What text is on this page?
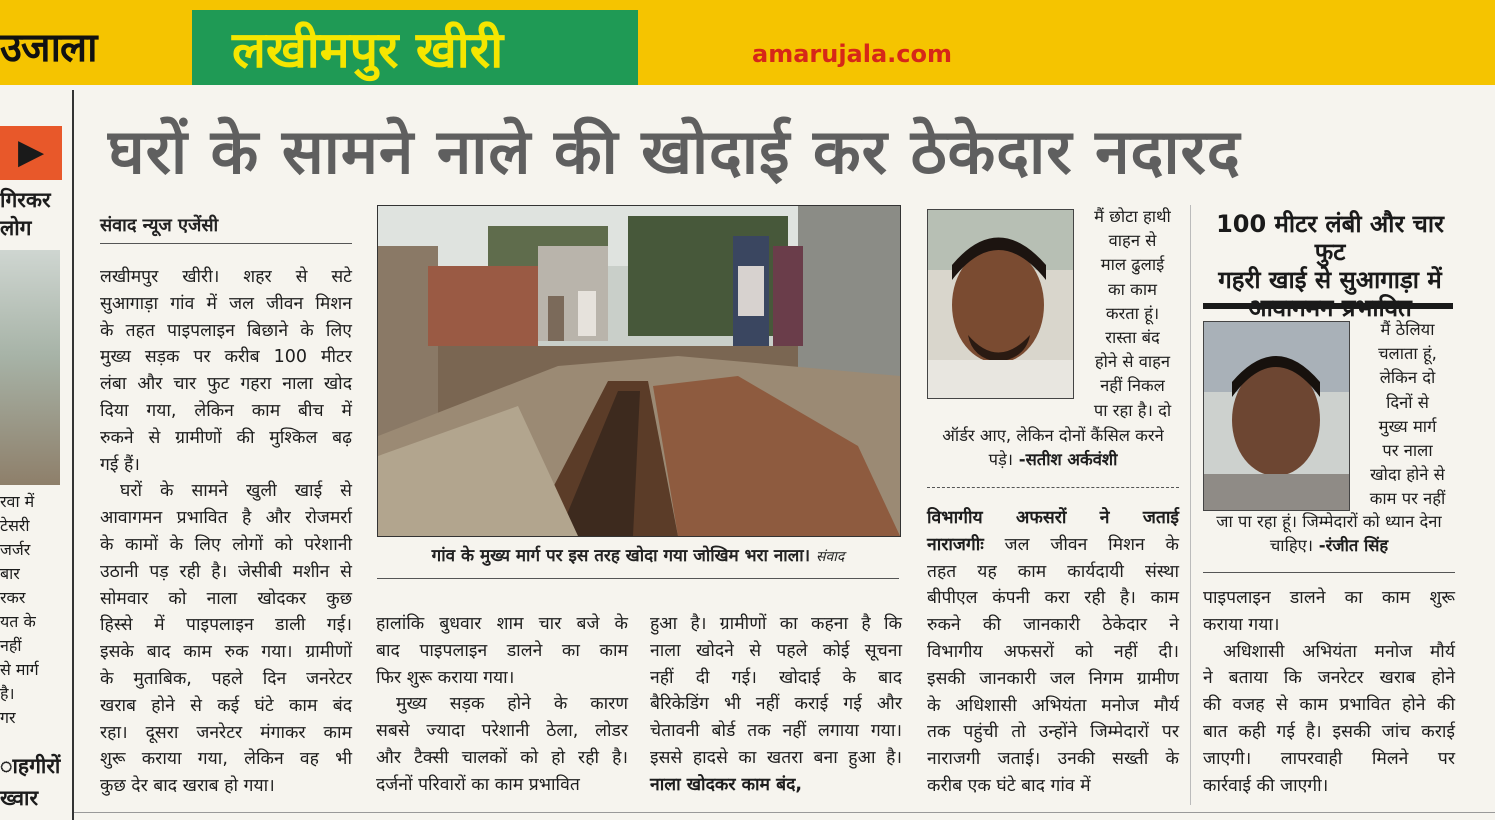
उजाला	लखीमपुर खीरी	amarujala.com
▶
गिरकर
लोग
रवा में
टेसरी
जर्जर
बार
रकर
यत के
नहीं
से मार्ग
है।
गर
ाहगीरों
ख्वार
घरों के सामने नाले की खोदाई कर ठेकेदार नदारद
संवाद न्यूज एजेंसी
लखीमपुर खीरी। शहर से सटे
सुआगाड़ा गांव में जल जीवन मिशन
के तहत पाइपलाइन बिछाने के लिए
मुख्य सड़क पर करीब 100 मीटर
लंबा और चार फुट गहरा नाला खोद
दिया गया, लेकिन काम बीच में
रुकने से ग्रामीणों की मुश्किल बढ़
गई हैं।
घरों के सामने खुली खाई से
आवागमन प्रभावित है और रोजमर्रा
के कामों के लिए लोगों को परेशानी
उठानी पड़ रही है। जेसीबी मशीन से
सोमवार को नाला खोदकर कुछ
हिस्से में पाइपलाइन डाली गई।
इसके बाद काम रुक गया। ग्रामीणों
के मुताबिक, पहले दिन जनरेटर
खराब होने से कई घंटे काम बंद
रहा। दूसरा जनरेटर मंगाकर काम
शुरू कराया गया, लेकिन वह भी
कुछ देर बाद खराब हो गया।
गांव के मुख्य मार्ग पर इस तरह खोदा गया जोखिम भरा नाला। संवाद
हालांकि बुधवार शाम चार बजे के
बाद पाइपलाइन डालने का काम
फिर शुरू कराया गया।
मुख्य सड़क होने के कारण
सबसे ज्यादा परेशानी ठेला, लोडर
और टैक्सी चालकों को हो रही है।
दर्जनों परिवारों का काम प्रभावित
हुआ है। ग्रामीणों का कहना है कि
नाला खोदने से पहले कोई सूचना
नहीं दी गई। खोदाई के बाद
बैरिकेडिंग भी नहीं कराई गई और
चेतावनी बोर्ड तक नहीं लगाया गया।
इससे हादसे का खतरा बना हुआ है।
नाला खोदकर काम बंद,
मैं छोटा हाथी
वाहन से
माल ढुलाई
का काम
करता हूं।
रास्ता बंद
होने से वाहन
नहीं निकल
पा रहा है। दो
ऑर्डर आए, लेकिन दोनों कैंसिल करने
पड़े। -सतीश अर्कवंशी
विभागीय अफसरों ने जताई
नाराजगीः जल जीवन मिशन के
तहत यह काम कार्यदायी संस्था
बीपीएल कंपनी करा रही है। काम
रुकने की जानकारी ठेकेदार ने
विभागीय अफसरों को नहीं दी।
इसकी जानकारी जल निगम ग्रामीण
के अधिशासी अभियंता मनोज मौर्य
तक पहुंची तो उन्होंने जिम्मेदारों पर
नाराजगी जताई। उनकी सख्ती के
करीब एक घंटे बाद गांव में
100 मीटर लंबी और चार फुट
गहरी खाई से सुआगाड़ा में
मैं ठेलिया
चलाता हूं,
लेकिन दो
दिनों से
मुख्य मार्ग
पर नाला
खोदा होने से
काम पर नहीं
जा पा रहा हूं। जिम्मेदारों को ध्यान देना
चाहिए। -रंजीत सिंह
पाइपलाइन डालने का काम शुरू
कराया गया।
अधिशासी अभियंता मनोज मौर्य
ने बताया कि जनरेटर खराब होने
की वजह से काम प्रभावित होने की
बात कही गई है। इसकी जांच कराई
जाएगी। लापरवाही मिलने पर
कार्रवाई की जाएगी।
